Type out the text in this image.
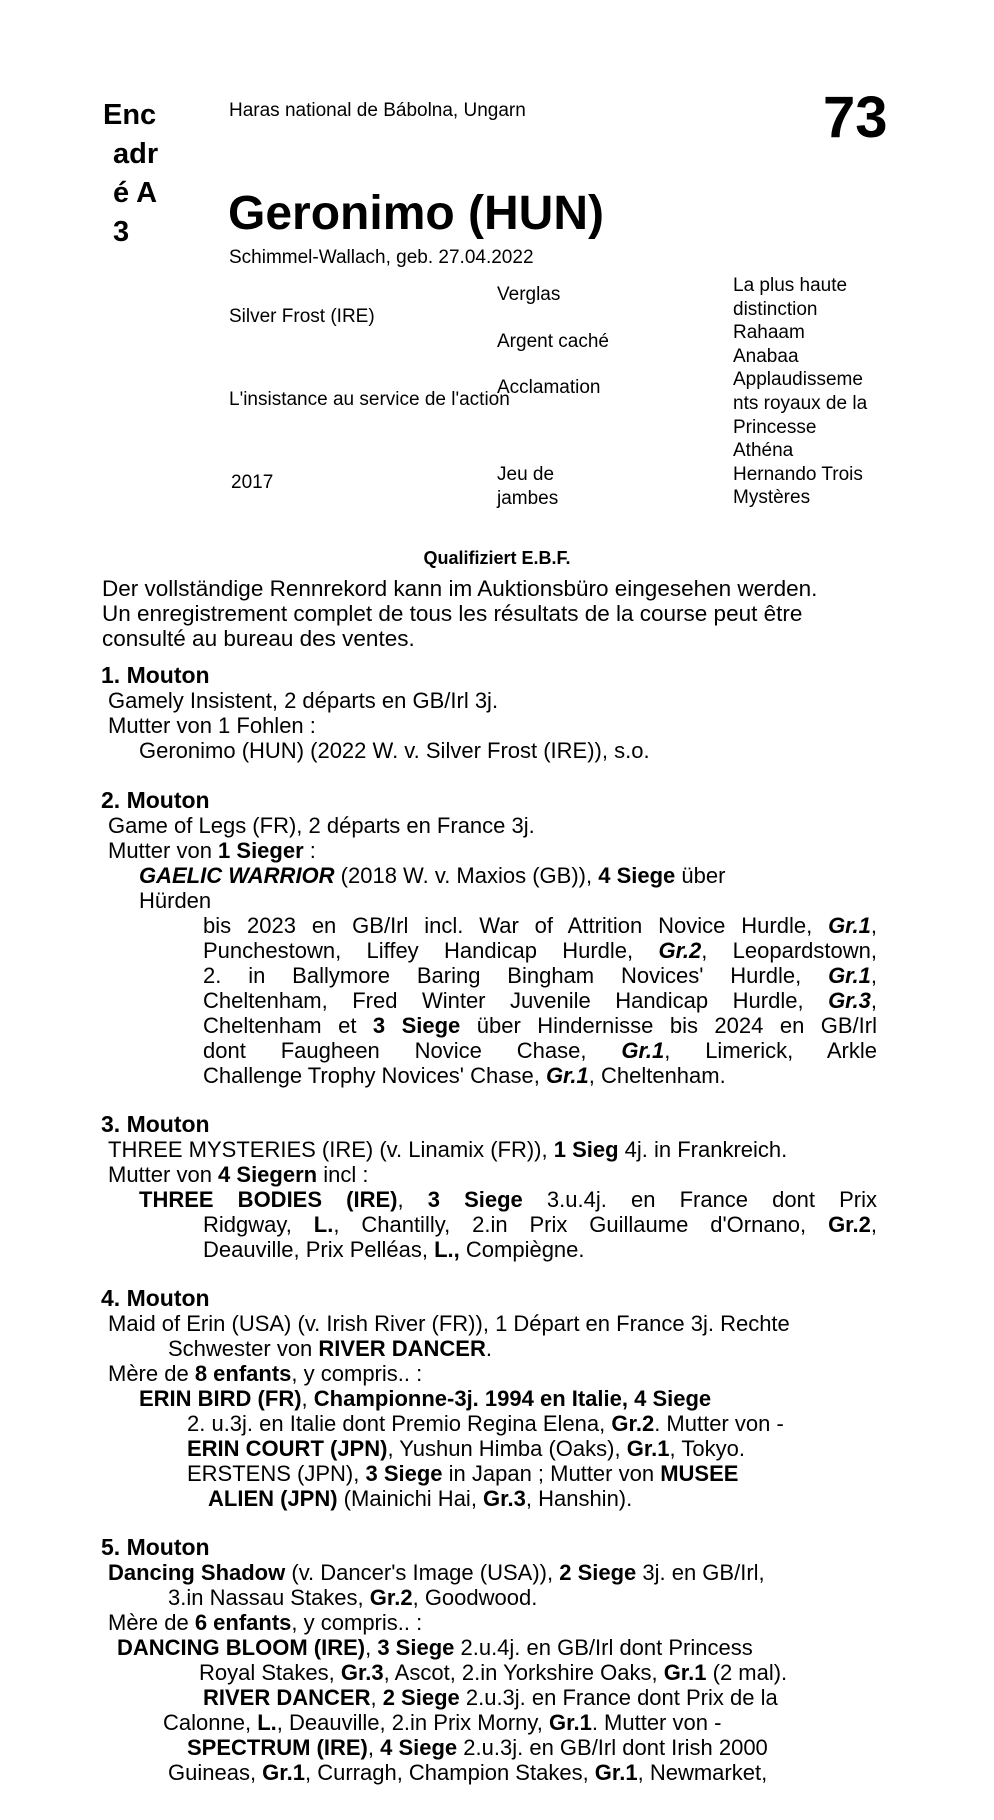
Enc
adr
é A
3
73
Haras national de Bábolna, Ungarn
Geronimo (HUN)
Schimmel-Wallach, geb. 27.04.2022
Silver Frost (IRE)
L'insistance au service de l'action
2017
Verglas
Argent caché
Acclamation
Jeu de
jambes
La plus haute
distinction
Rahaam
Anabaa
Applaudisseme
nts royaux de la
Princesse
Athéna
Hernando Trois
Mystères
Qualifiziert E.B.F.
Der vollständige Rennrekord kann im Auktionsbüro eingesehen werden.
Un enregistrement complet de tous les résultats de la course peut être
consulté au bureau des ventes.
1. Mouton
Gamely Insistent, 2 départs en GB/Irl 3j.
Mutter von 1 Fohlen :
Geronimo (HUN) (2022 W. v. Silver Frost (IRE)), s.o.
2. Mouton
Game of Legs (FR), 2 départs en France 3j.
Mutter von 1 Sieger :
GAELIC WARRIOR (2018 W. v. Maxios (GB)), 4 Siege über
Hürden
bis 2023 en GB/Irl incl. War of Attrition Novice Hurdle, Gr.1,
Punchestown, Liffey Handicap Hurdle, Gr.2, Leopardstown,
2. in Ballymore Baring Bingham Novices' Hurdle, Gr.1,
Cheltenham, Fred Winter Juvenile Handicap Hurdle, Gr.3,
Cheltenham et 3 Siege über Hindernisse bis 2024 en GB/Irl
dont Faugheen Novice Chase, Gr.1, Limerick, Arkle
Challenge Trophy Novices' Chase, Gr.1, Cheltenham.
3. Mouton
THREE MYSTERIES (IRE) (v. Linamix (FR)), 1 Sieg 4j. in Frankreich.
Mutter von 4 Siegern incl :
THREE BODIES (IRE), 3 Siege 3.u.4j. en France dont Prix
Ridgway, L., Chantilly, 2.in Prix Guillaume d'Ornano, Gr.2,
Deauville, Prix Pelléas, L., Compiègne.
4. Mouton
Maid of Erin (USA) (v. Irish River (FR)), 1 Départ en France 3j. Rechte
Schwester von RIVER DANCER.
Mère de 8 enfants, y compris.. :
ERIN BIRD (FR), Championne-3j. 1994 en Italie, 4 Siege
2. u.3j. en Italie dont Premio Regina Elena, Gr.2. Mutter von -
ERIN COURT (JPN), Yushun Himba (Oaks), Gr.1, Tokyo.
ERSTENS (JPN), 3 Siege in Japan ; Mutter von MUSEE
ALIEN (JPN) (Mainichi Hai, Gr.3, Hanshin).
5. Mouton
Dancing Shadow (v. Dancer's Image (USA)), 2 Siege 3j. en GB/Irl,
3.in Nassau Stakes, Gr.2, Goodwood.
Mère de 6 enfants, y compris.. :
DANCING BLOOM (IRE), 3 Siege 2.u.4j. en GB/Irl dont Princess
Royal Stakes, Gr.3, Ascot, 2.in Yorkshire Oaks, Gr.1 (2 mal).
RIVER DANCER, 2 Siege 2.u.3j. en France dont Prix de la
Calonne, L., Deauville, 2.in Prix Morny, Gr.1. Mutter von -
SPECTRUM (IRE), 4 Siege 2.u.3j. en GB/Irl dont Irish 2000
Guineas, Gr.1, Curragh, Champion Stakes, Gr.1, Newmarket,
